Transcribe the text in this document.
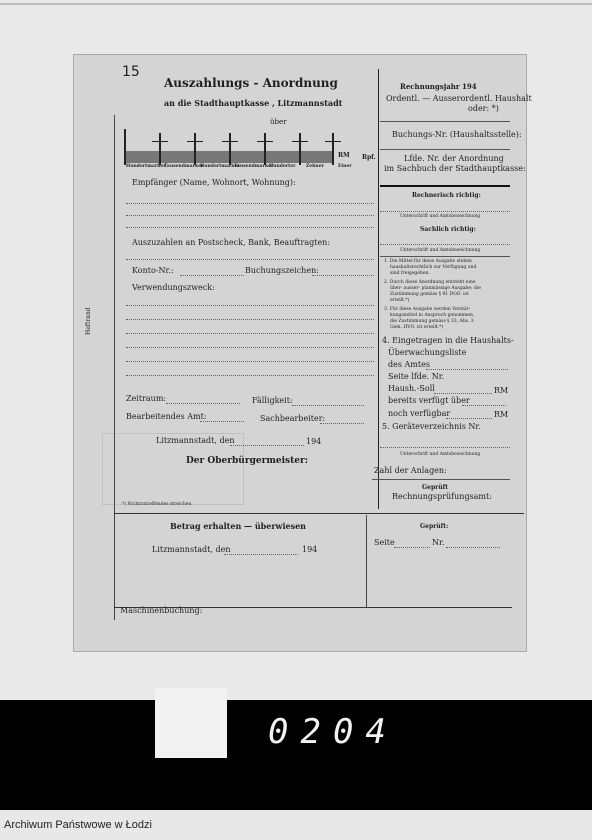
15
Auszahlungs - Anordnung
an die Stadthauptkasse , Litzmannstadt
über
Hundertmarker
Tausendmarker
Hundertmarker
Tausendmarker
Hunderter Zehner	Einer
RM Rpf.
Empfänger (Name, Wohnort, Wohnung):
Auszuzahlen an Postscheck, Bank, Beauftragten:
Konto-Nr.:	Buchungszeichen:
Verwendungszweck:
Heftrand
Zeitraum:	Fälligkeit:
Bearbeitendes Amt:	Sachbearbeiter:
Litzmannstadt, den	194
Der Oberbürgermeister:
*) Nichtzutreffendes streichen
Betrag erhalten — überwiesen
Litzmannstadt, den	194
Maschinenbuchung:
Rechnungsjahr 194
Ordentl. — Ausserordentl. Haushalt
oder: *)
Buchungs-Nr. (Haushaltsstelle):
Lfde. Nr. der Anordnung
im Sachbuch der Stadthauptkasse:
Rechnerisch richtig:
Unterschrift und Amtsbezeichnung
Sachlich richtig:
Unterschrift und Amtsbezeichnung
1. Die Mittel für diese Ausgabe stehen
haushaltsrechtlich zur Verfügung und
sind freigegeben.
2. Durch diese Anordnung entsteht eine
über- ausser- planmässige Ausgabe; die
Zustimmung gemäss § 91 DGO. ist
erteilt.*)
3. Für diese Ausgabe werden Verstär-
kungsmittel in Anspruch genommen,
die Zustimmung gemäss § 33, Abs. 3
Gem. HVO. ist erteilt.*)
4. Eingetragen in die Haushalts-
Überwachungsliste
des Amtes
Seite lfde. Nr.
Haush.-Soll	RM
bereits verfügt über
noch verfügbar	RM
5. Geräteverzeichnis Nr.
Unterschrift und Amtsbezeichnung
Zahl der Anlagen:
Geprüft
Rechnungsprüfungsamt:
Geprüft:
Seite	Nr.
0204
Archiwum Państwowe w Łodzi
